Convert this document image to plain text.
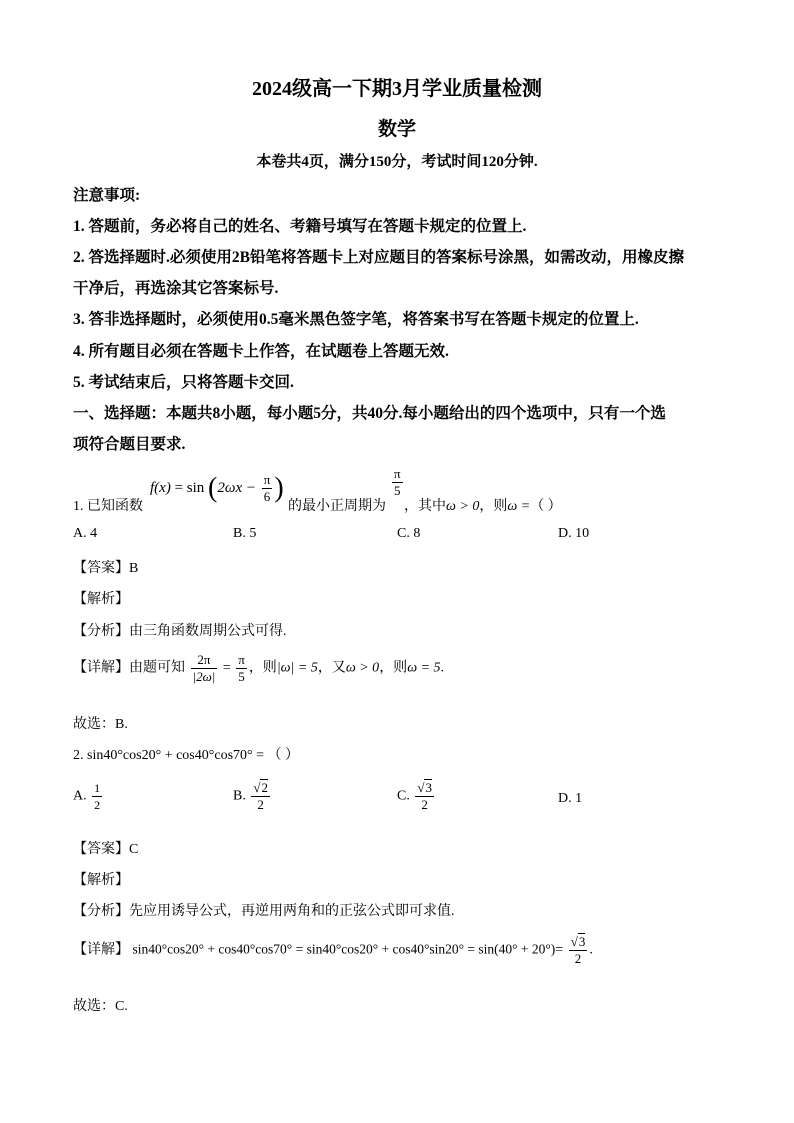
2024级高一下期3月学业质量检测
数学
本卷共4页，满分150分，考试时间120分钟.
注意事项:
1. 答题前，务必将自己的姓名、考籍号填写在答题卡规定的位置上.
2. 答选择题时.必须使用2B铅笔将答题卡上对应题目的答案标号涂黑，如需改动，用橡皮擦
干净后，再选涂其它答案标号.
3. 答非选择题时，必须使用0.5毫米黑色签字笔，将答案书写在答题卡规定的位置上.
4. 所有题目必须在答题卡上作答，在试题卷上答题无效.
5. 考试结束后，只将答题卡交回.
一、选择题：本题共8小题，每小题5分，共40分.每小题给出的四个选项中，只有一个选
项符合题目要求.
1. 已知函数
$f(x) = \sin (2\omega x - \frac{\pi}{6}$ )
的最小正周期为
$\frac{\pi}{5}$
，其中ω > 0，则ω =（ ）
A. 4	B. 5	C. 8	D. 10
【答案】B
【解析】
【分析】由三角函数周期公式可得.
【详解】由题可知 $\frac{2\pi}{|2\omega|} = \frac{\pi}{5}$ ，则|ω| = 5，又ω > 0，则ω = 5.
故选：B.
2. sin40°cos20° + cos40°cos70° = （ ）
A. $\frac{1}{2}$	B. $\frac{√2}{2}$	C. $\frac{√3}{2}$	D. 1
【答案】C
【解析】
【分析】先应用诱导公式，再逆用两角和的正弦公式即可求值.
【详解】 $\sin 40^\circ\cos 20^\circ + \cos 40^\circ\cos 70^\circ = \sin 40^\circ\cos 20^\circ + \cos 40^\circ\sin 20^\circ = \sin(40^\circ + 20^\circ)= \frac{√3}{2}$ .
故选：C.
